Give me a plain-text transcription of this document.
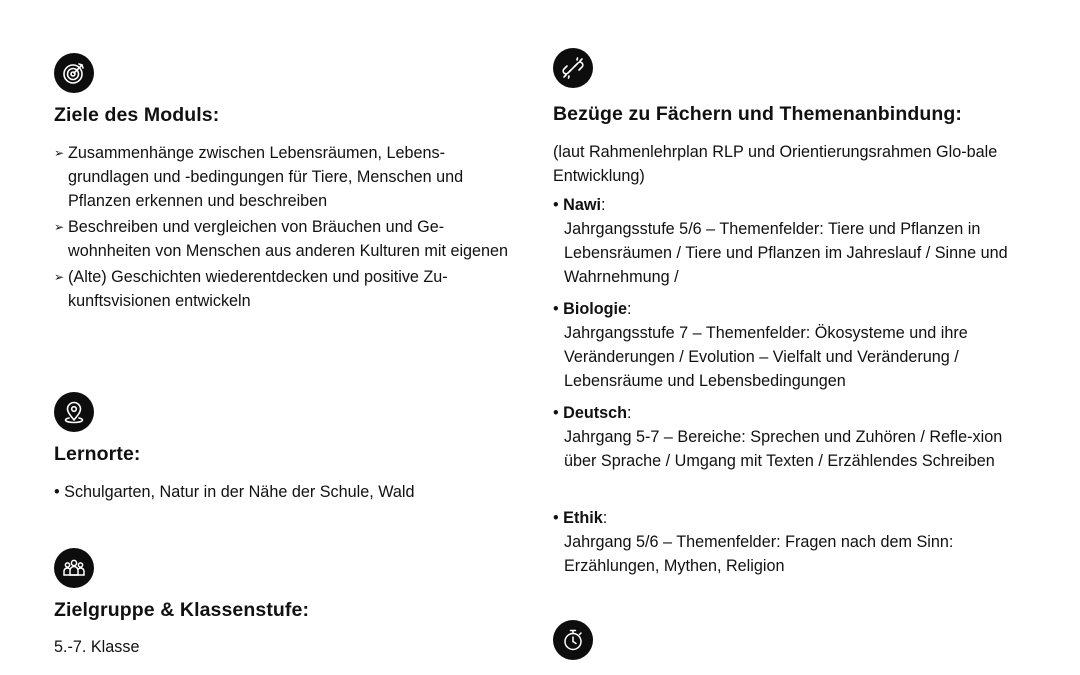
Ziele des Moduls:
➢ Zusammenhänge zwischen Lebensräumen, Lebens-grundlagen und -bedingungen für Tiere, Menschen und Pflanzen erkennen und beschreiben
➢ Beschreiben und vergleichen von Bräuchen und Ge-wohnheiten von Menschen aus anderen Kulturen mit eigenen
➢ (Alte) Geschichten wiederentdecken und positive Zu-kunftsvisionen entwickeln
Lernorte:
• Schulgarten, Natur in der Nähe der Schule, Wald
Zielgruppe & Klassenstufe:
5.-7. Klasse
Bezüge zu Fächern und Themenanbindung:
(laut Rahmenlehrplan RLP und Orientierungsrahmen Glo-bale Entwicklung)
• Nawi:
Jahrgangsstufe 5/6 – Themenfelder: Tiere und Pflanzen in Lebensräumen / Tiere und Pflanzen im Jahreslauf / Sinne und Wahrnehmung /
• Biologie:
Jahrgangsstufe 7 – Themenfelder: Ökosysteme und ihre Veränderungen / Evolution – Vielfalt und Veränderung / Lebensräume und Lebensbedingungen
• Deutsch:
Jahrgang 5-7 – Bereiche: Sprechen und Zuhören / Refle-xion über Sprache / Umgang mit Texten / Erzählendes Schreiben
• Ethik:
Jahrgang 5/6 – Themenfelder: Fragen nach dem Sinn: Erzählungen, Mythen, Religion
